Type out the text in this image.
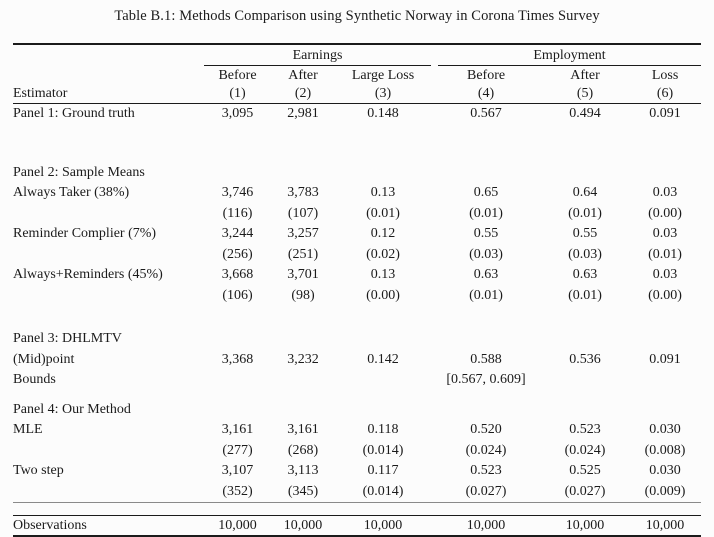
Table B.1: Methods Comparison using Synthetic Norway in Corona Times Survey

	Earnings			Employment		

	Before	After	Large Loss	Before	After	Loss
Estimator	(1)	(2)	(3)	(4)	(5)	(6)
Panel 1: Ground truth	3,095	2,981	0.148	0.567	0.494	0.091

Panel 2: Sample Means						
Always Taker (38%)	3,746	3,783	0.13	0.65	0.64	0.03
	(116)	(107)	(0.01)	(0.01)	(0.01)	(0.00)
Reminder Complier (7%)	3,244	3,257	0.12	0.55	0.55	0.03
	(256)	(251)	(0.02)	(0.03)	(0.03)	(0.01)
Always+Reminders (45%)	3,668	3,701	0.13	0.63	0.63	0.03
	(106)	(98)	(0.00)	(0.01)	(0.01)	(0.00)

Panel 3: DHLMTV						
(Mid)point	3,368	3,232	0.142	0.588	0.536	0.091
Bounds				[0.567, 0.609]		

Panel 4: Our Method						
MLE	3,161	3,161	0.118	0.520	0.523	0.030
	(277)	(268)	(0.014)	(0.024)	(0.024)	(0.008)
Two step	3,107	3,113	0.117	0.523	0.525	0.030
	(352)	(345)	(0.014)	(0.027)	(0.027)	(0.009)

Observations	10,000	10,000	10,000	10,000	10,000	10,000
